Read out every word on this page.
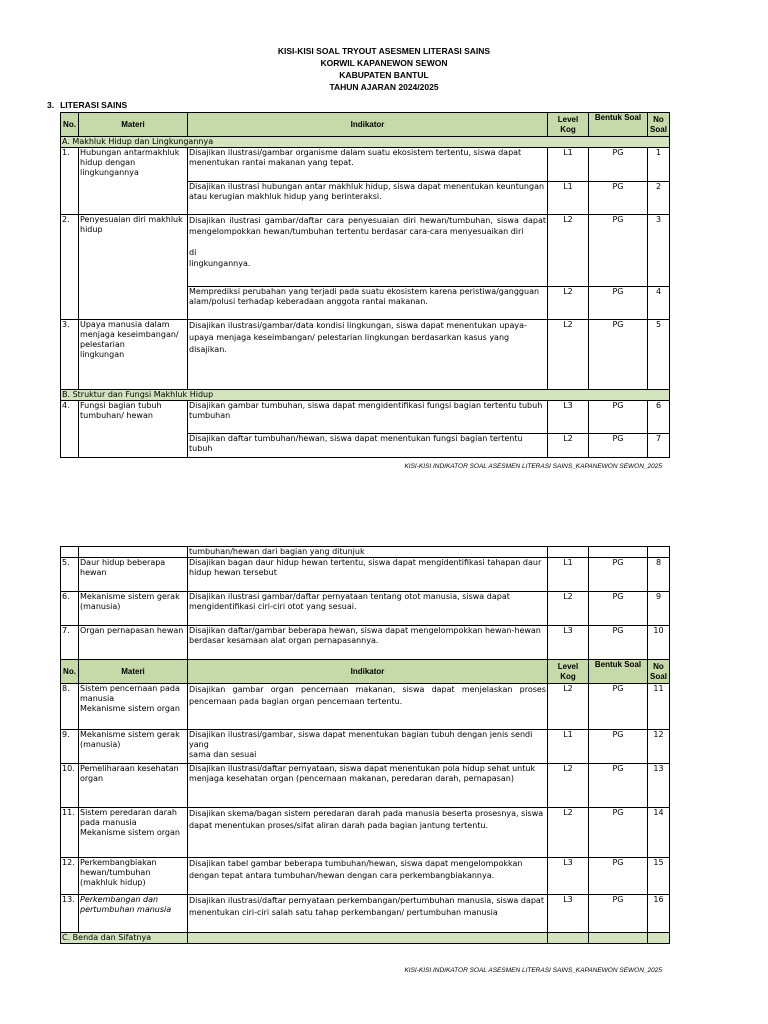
KISI-KISI SOAL TRYOUT ASESMEN LITERASI SAINS
KORWIL KAPANEWON SEWON
KABUPATEN BANTUL
TAHUN AJARAN 2024/2025
3. LITERASI SAINS
No.	Materi	Indikator	Level Kog	Bentuk Soal	No Soal
A. Makhluk Hidup dan Lingkungannya					
1.	Hubungan antarmakhluk hidup dengan lingkungannya	Disajikan ilustrasi/gambar organisme dalam suatu ekosistem tertentu, siswa dapat
menentukan rantai makanan yang tepat.	L1	PG	1

		Disajikan ilustrasi hubungan antar makhluk hidup, siswa dapat menentukan keuntungan
atau kerugian makhluk hidup yang berinteraksi.	L1	PG	2
2.	Penyesuaian diri makhluk hidup	Disajikan ilustrasi gambar/daftar cara penyesuaian diri hewan/tumbuhan, siswa dapat mengelompokkan hewan/tumbuhan tertentu berdasar cara-cara menyesuaikan diri
di
lingkungannya.	L2	PG	3

		Memprediksi perubahan yang terjadi pada suatu ekosistem karena peristiwa/gangguan
alam/polusi terhadap keberadaan anggota rantai makanan.	L2	PG	4
3.	Upaya manusia dalam menjaga keseimbangan/
pelestarian
lingkungan	Disajikan ilustrasi/gambar/data kondisi lingkungan, siswa dapat menentukan upaya-upaya menjaga keseimbangan/ pelestarian lingkungan berdasarkan kasus yang disajikan.	L2	PG	5
B. Struktur dan Fungsi Makhluk Hidup					
4.	Fungsi bagian tubuh tumbuhan/ hewan	Disajikan gambar tumbuhan, siswa dapat mengidentifikasi fungsi bagian tertentu tubuh
tumbuhan	L3	PG	6

		Disajikan daftar tumbuhan/hewan, siswa dapat menentukan fungsi bagian tertentu tubuh	L2	PG	7
KISI-KISI INDIKATOR SOAL ASESMEN LITERASI SAINS_KAPANEWON SEWON_2025
		tumbuhan/hewan dari bagian yang ditunjuk			
5.	Daur hidup beberapa hewan	Disajikan bagan daur hidup hewan tertentu, siswa dapat mengidentifikasi tahapan daur
hidup hewan tersebut	L1	PG	8
6.	Mekanisme sistem gerak (manusia)	Disajikan ilustrasi gambar/daftar pernyataan tentang otot manusia, siswa dapat
mengidentifikasi ciri-ciri otot yang sesuai.	L2	PG	9
7.	Organ pernapasan hewan	Disajikan daftar/gambar beberapa hewan, siswa dapat mengelompokkan hewan-hewan berdasar kesamaan alat organ pernapasannya.	L3	PG	10
No.	Materi	Indikator	Level Kog	Bentuk Soal	No Soal
8.	Sistem pencernaan pada manusia
Mekanisme sistem organ	Disajikan gambar organ pencernaan makanan, siswa dapat menjelaskan proses pencernaan pada bagian organ pencernaan tertentu.	L2	PG	11
9.	Mekanisme sistem gerak (manusia)	Disajikan ilustrasi/gambar, siswa dapat menentukan bagian tubuh dengan jenis sendi yang
sama dan sesuai	L1	PG	12
10.	Pemeliharaan kesehatan organ	Disajikan ilustrasi/daftar pernyataan, siswa dapat menentukan pola hidup sehat untuk
menjaga kesehatan organ (pencernaan makanan, peredaran darah, pernapasan)	L2	PG	13
11.	Sistem peredaran darah pada manusia
Mekanisme sistem organ	Disajikan skema/bagan sistem peredaran darah pada manusia beserta prosesnya, siswa dapat menentukan proses/sifat aliran darah pada bagian jantung tertentu.	L2	PG	14
12.	Perkembangbiakan hewan/tumbuhan (makhluk hidup)	Disajikan tabel gambar beberapa tumbuhan/hewan, siswa dapat mengelompokkan dengan tepat antara tumbuhan/hewan dengan cara perkembangbiakannya.	L3	PG	15
13.	Perkembangan dan pertumbuhan manusia	Disajikan ilustrasi/daftar pernyataan perkembangan/pertumbuhan manusia, siswa dapat menentukan ciri-ciri salah satu tahap perkembangan/ pertumbuhan manusia	L3	PG	16
C. Benda dan Sifatnya					
KISI-KISI INDIKATOR SOAL ASESMEN LITERASI SAINS_KAPANEWON SEWON_2025
